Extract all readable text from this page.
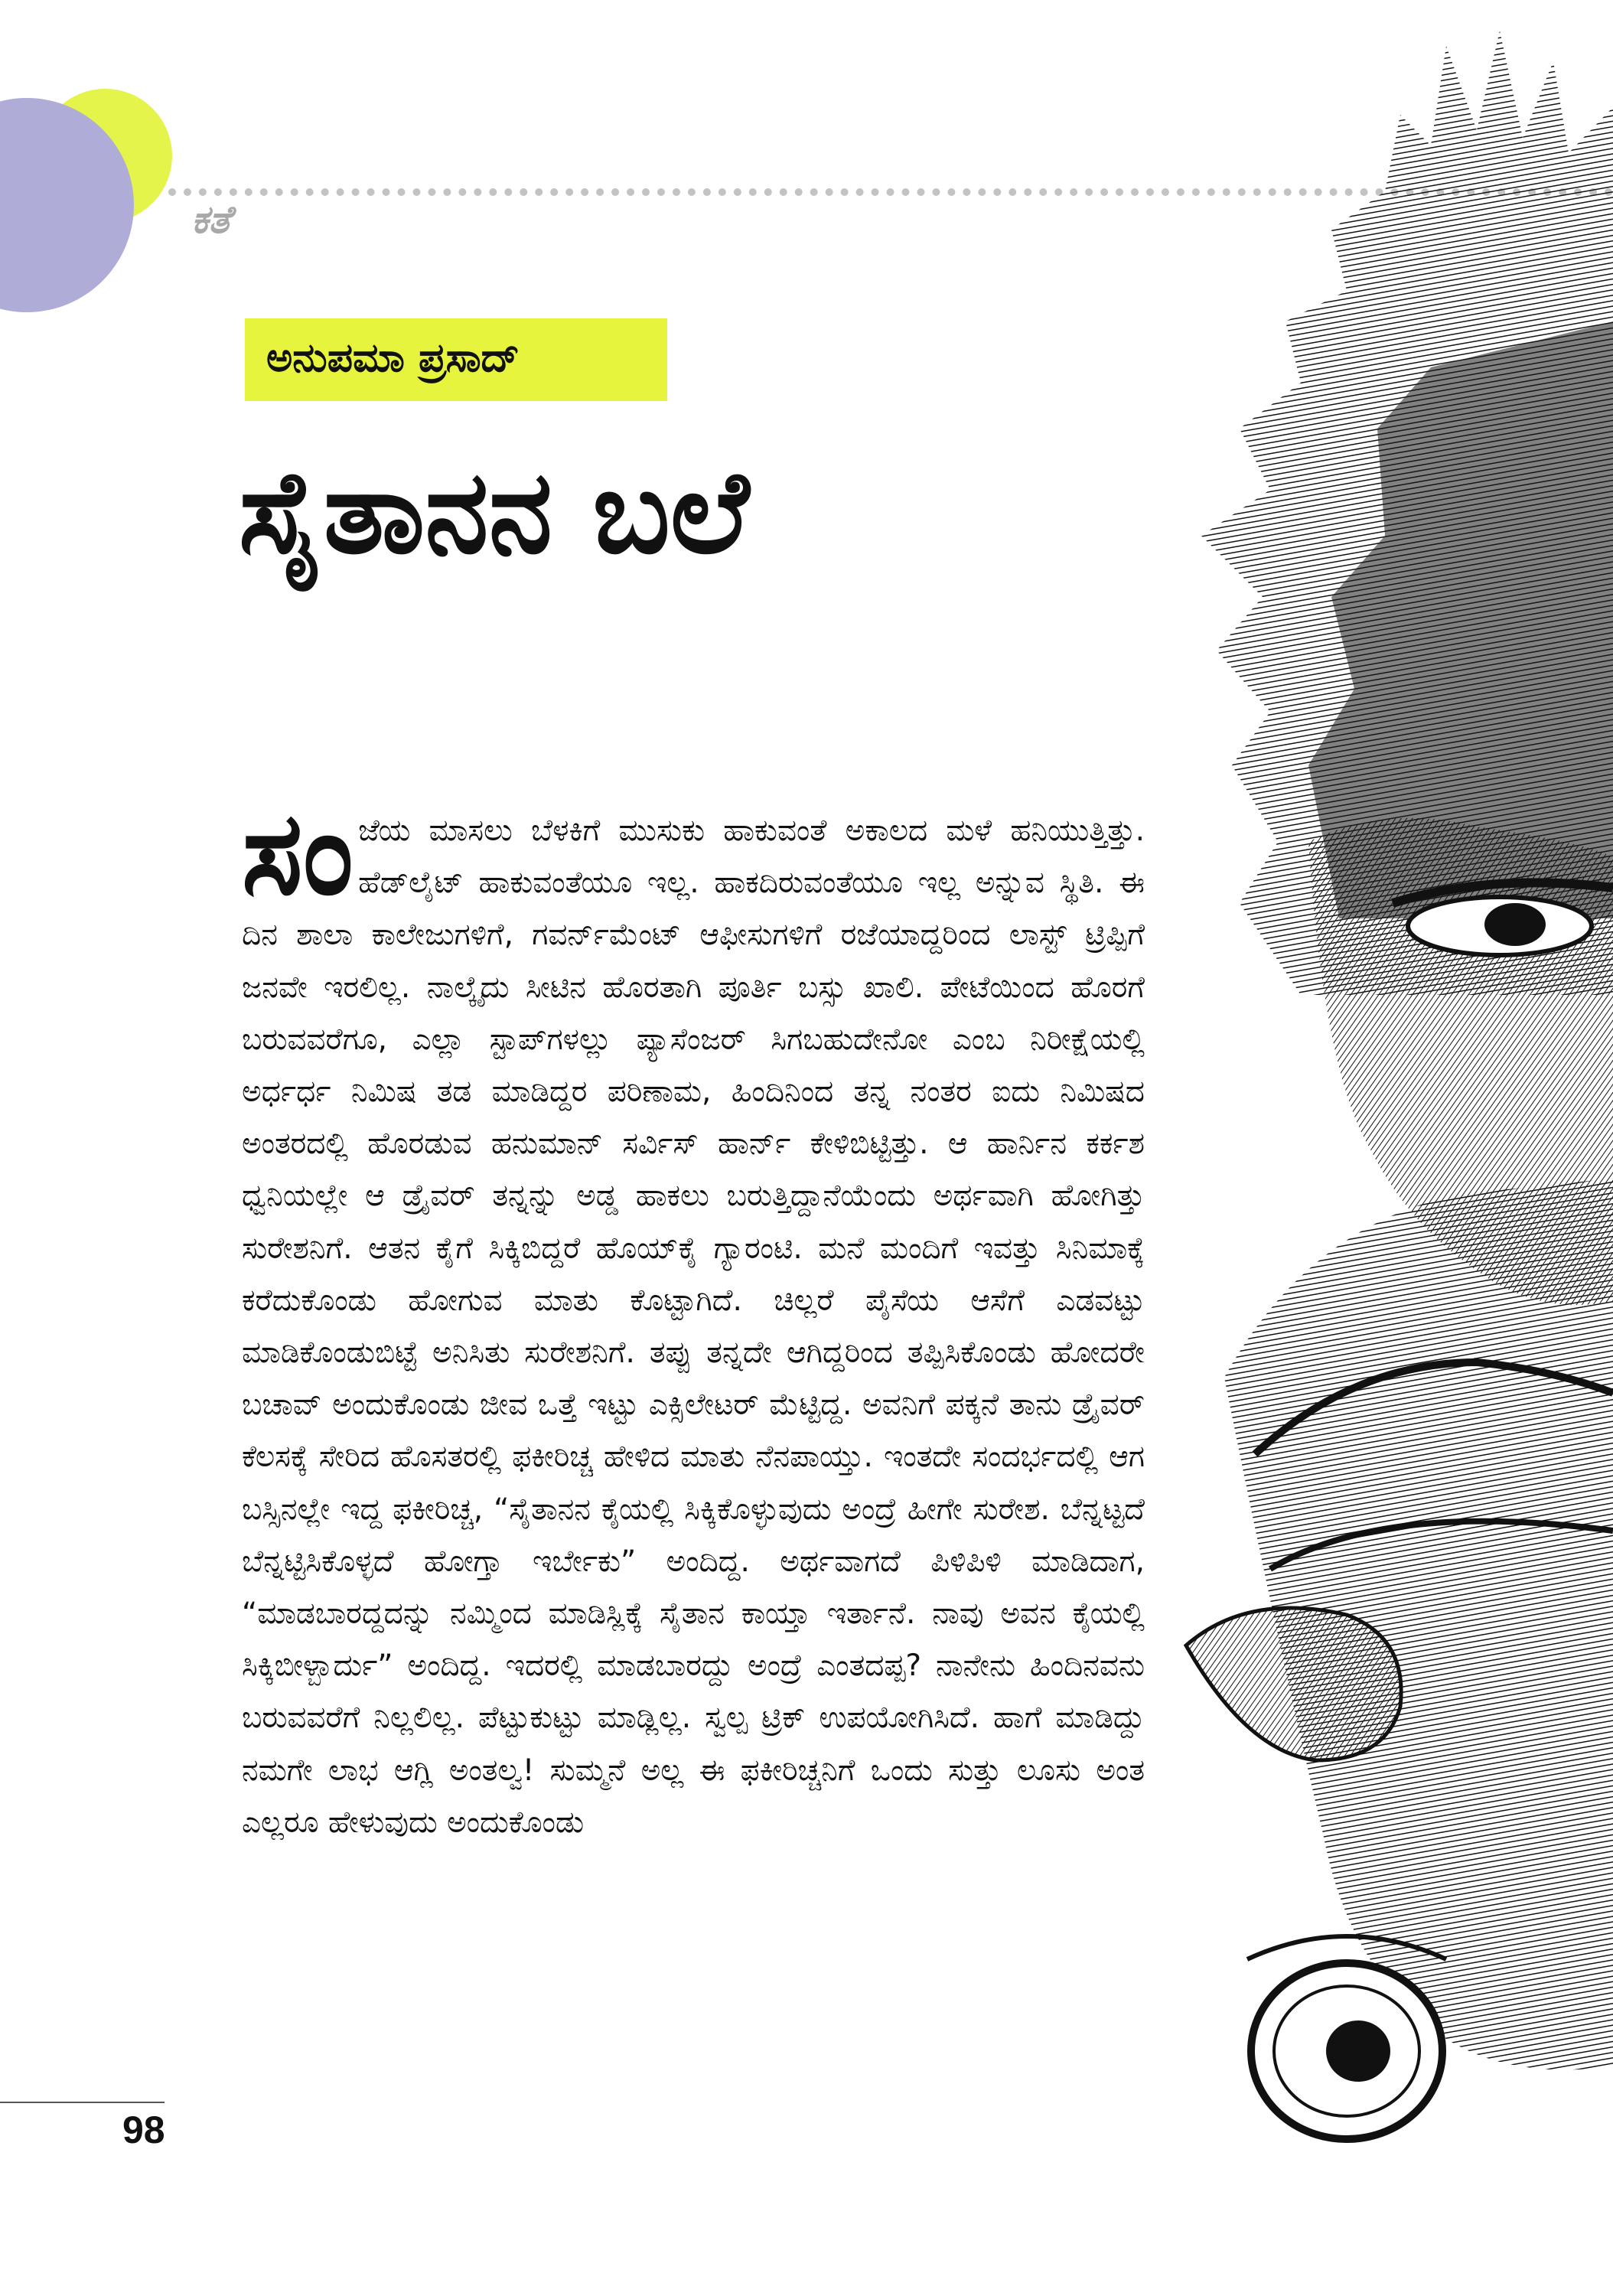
ಕತೆ
ಅನುಪಮಾ ಪ್ರಸಾದ್
ಸೈತಾನನ ಬಲೆ
ಸಂಜೆಯ ಮಾಸಲು ಬೆಳಕಿಗೆ ಮುಸುಕು ಹಾಕುವಂತೆ ಅಕಾಲದ ಮಳೆ ಹನಿಯುತ್ತಿತ್ತು. ಹೆಡ್‌ಲೈಟ್ ಹಾಕುವಂತೆಯೂ ಇಲ್ಲ. ಹಾಕದಿರುವಂತೆಯೂ ಇಲ್ಲ ಅನ್ನುವ ಸ್ಥಿತಿ. ಈ ದಿನ ಶಾಲಾ ಕಾಲೇಜುಗಳಿಗೆ, ಗವರ್ನ್‌ಮೆಂಟ್ ಆಫೀಸುಗಳಿಗೆ ರಜೆಯಾದ್ದರಿಂದ ಲಾಸ್ಟ್ ಟ್ರಿಪ್ಪಿಗೆ ಜನವೇ ಇರಲಿಲ್ಲ. ನಾಲ್ಕೈದು ಸೀಟಿನ ಹೊರತಾಗಿ ಪೂರ್ತಿ ಬಸ್ಸು ಖಾಲಿ. ಪೇಟೆಯಿಂದ ಹೊರಗೆ ಬರುವವರೆಗೂ, ಎಲ್ಲಾ ಸ್ಟಾಪ್‌ಗಳಲ್ಲು ಪ್ಯಾಸೆಂಜರ್ ಸಿಗಬಹುದೇನೋ ಎಂಬ ನಿರೀಕ್ಷೆಯಲ್ಲಿ ಅರ್ಧರ್ಧ ನಿಮಿಷ ತಡ ಮಾಡಿದ್ದರ ಪರಿಣಾಮ, ಹಿಂದಿನಿಂದ ತನ್ನ ನಂತರ ಐದು ನಿಮಿಷದ ಅಂತರದಲ್ಲಿ ಹೊರಡುವ ಹನುಮಾನ್ ಸರ್ವಿಸ್ ಹಾರ್ನ್ ಕೇಳಿಬಿಟ್ಟಿತ್ತು. ಆ ಹಾರ್ನಿನ ಕರ್ಕಶ ಧ್ವನಿಯಲ್ಲೇ ಆ ಡ್ರೈವರ್ ತನ್ನನ್ನು ಅಡ್ಡ ಹಾಕಲು ಬರುತ್ತಿದ್ದಾನೆಯೆಂದು ಅರ್ಥವಾಗಿ ಹೋಗಿತ್ತು ಸುರೇಶನಿಗೆ. ಆತನ ಕೈಗೆ ಸಿಕ್ಕಿಬಿದ್ದರೆ ಹೊಯ್‌ಕೈ ಗ್ಯಾರಂಟಿ. ಮನೆ ಮಂದಿಗೆ ಇವತ್ತು ಸಿನಿಮಾಕ್ಕೆ ಕರೆದುಕೊಂಡು ಹೋಗುವ ಮಾತು ಕೊಟ್ಟಾಗಿದೆ. ಚಿಲ್ಲರೆ ಪೈಸೆಯ ಆಸೆಗೆ ಎಡವಟ್ಟು ಮಾಡಿಕೊಂಡುಬಿಟ್ಟೆ ಅನಿಸಿತು ಸುರೇಶನಿಗೆ. ತಪ್ಪು ತನ್ನದೇ ಆಗಿದ್ದರಿಂದ ತಪ್ಪಿಸಿಕೊಂಡು ಹೋದರೇ ಬಚಾವ್ ಅಂದುಕೊಂಡು ಜೀವ ಒತ್ತೆ ಇಟ್ಟು ಎಕ್ಸಿಲೇಟರ್ ಮೆಟ್ಟಿದ್ದ. ಅವನಿಗೆ ಪಕ್ಕನೆ ತಾನು ಡ್ರೈವರ್ ಕೆಲಸಕ್ಕೆ ಸೇರಿದ ಹೊಸತರಲ್ಲಿ ಫಕೀರಿಚ್ಚ ಹೇಳಿದ ಮಾತು ನೆನಪಾಯ್ತು. ಇಂತದೇ ಸಂದರ್ಭದಲ್ಲಿ ಆಗ ಬಸ್ಸಿನಲ್ಲೇ ಇದ್ದ ಫಕೀರಿಚ್ಚ, “ಸೈತಾನನ ಕೈಯಲ್ಲಿ ಸಿಕ್ಕಿಕೊಳ್ಳುವುದು ಅಂದ್ರೆ ಹೀಗೇ ಸುರೇಶ. ಬೆನ್ನಟ್ಟದೆ ಬೆನ್ನಟ್ಟಿಸಿಕೊಳ್ಳದೆ ಹೋಗ್ತಾ ಇರ್ಬೇಕು” ಅಂದಿದ್ದ. ಅರ್ಥವಾಗದೆ ಪಿಳಿಪಿಳಿ ಮಾಡಿದಾಗ, “ಮಾಡಬಾರದ್ದದನ್ನು ನಮ್ಮಿಂದ ಮಾಡಿಸ್ಲಿಕ್ಕೆ ಸೈತಾನ ಕಾಯ್ತಾ ಇರ್ತಾನೆ. ನಾವು ಅವನ ಕೈಯಲ್ಲಿ ಸಿಕ್ಕಿಬೀಳ್ಬಾರ್ದು” ಅಂದಿದ್ದ. ಇದರಲ್ಲಿ ಮಾಡಬಾರದ್ದು ಅಂದ್ರೆ ಎಂತದಪ್ಪ? ನಾನೇನು ಹಿಂದಿನವನು ಬರುವವರೆಗೆ ನಿಲ್ಲಲಿಲ್ಲ. ಪೆಟ್ಟುಕುಟ್ಟು ಮಾಡ್ಲಿಲ್ಲ. ಸ್ವಲ್ಪ ಟ್ರಿಕ್ ಉಪಯೋಗಿಸಿದೆ. ಹಾಗೆ ಮಾಡಿದ್ದು ನಮಗೇ ಲಾಭ ಆಗ್ಲಿ ಅಂತಲ್ವ! ಸುಮ್ಮನೆ ಅಲ್ಲ ಈ ಫಕೀರಿಚ್ಚನಿಗೆ ಒಂದು ಸುತ್ತು ಲೂಸು ಅಂತ ಎಲ್ಲರೂ ಹೇಳುವುದು ಅಂದುಕೊಂಡು
98
